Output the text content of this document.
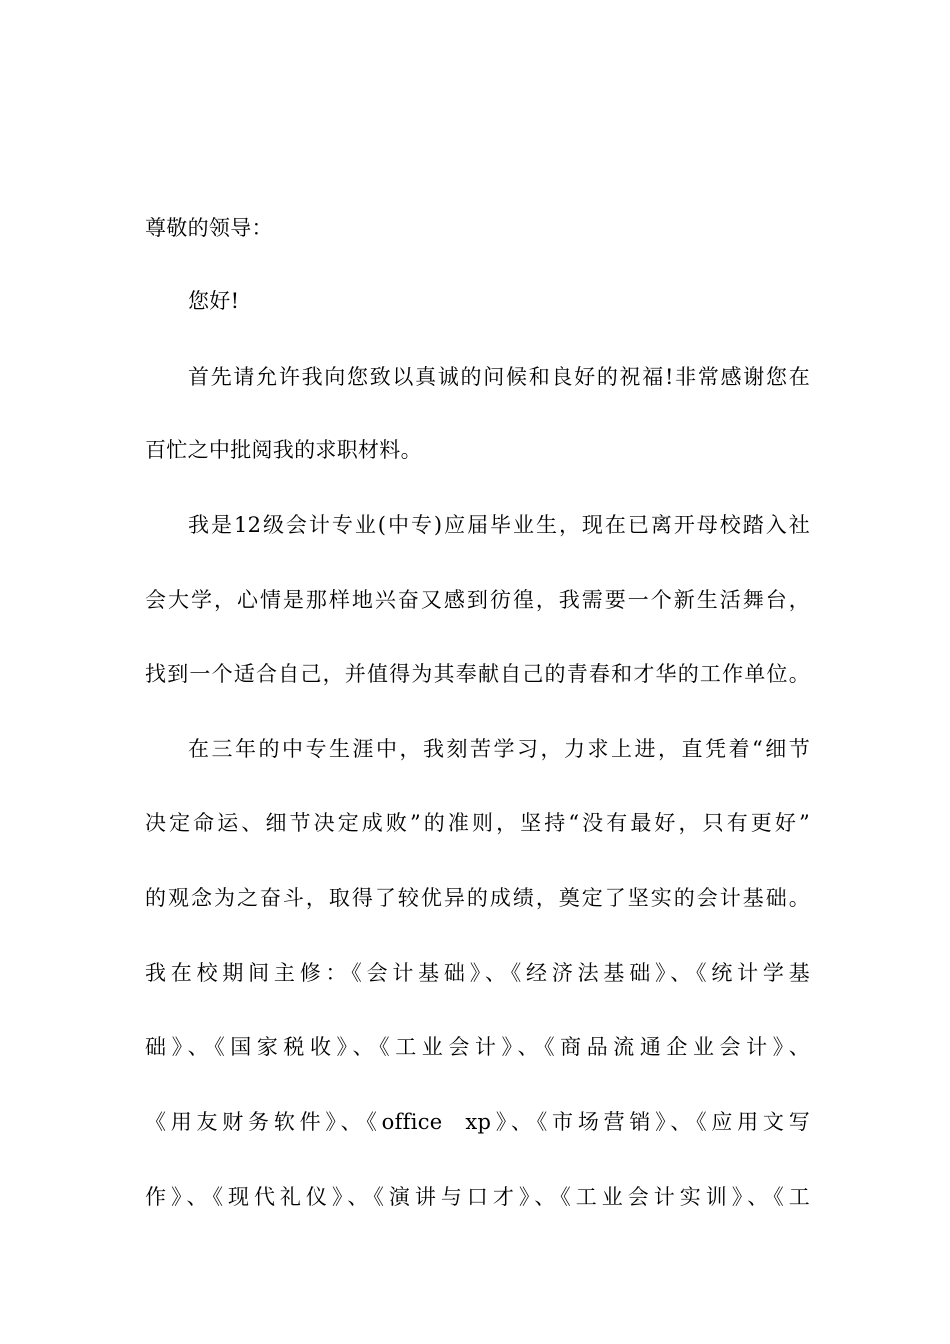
尊敬的领导：
您好!
首先请允许我向您致以真诚的问候和良好的祝福!非常感谢您在
百忙之中批阅我的求职材料。
我是12级会计专业(中专)应届毕业生，现在已离开母校踏入社
会大学，心情是那样地兴奋又感到彷徨，我需要一个新生活舞台，
找到一个适合自己，并值得为其奉献自己的青春和才华的工作单位。
在三年的中专生涯中，我刻苦学习，力求上进，直凭着“细节
决定命运、细节决定成败”的准则，坚持“没有最好，只有更好”
的观念为之奋斗，取得了较优异的成绩，奠定了坚实的会计基础。
我在校期间主修：《会计基础》、《经济法基础》、《统计学基
础》、《国家税收》、《工业会计》、《商品流通企业会计》、
《用友财务软件》、《office  xp》、《市场营销》、《应用文写
作》、《现代礼仪》、《演讲与口才》、《工业会计实训》、《工
